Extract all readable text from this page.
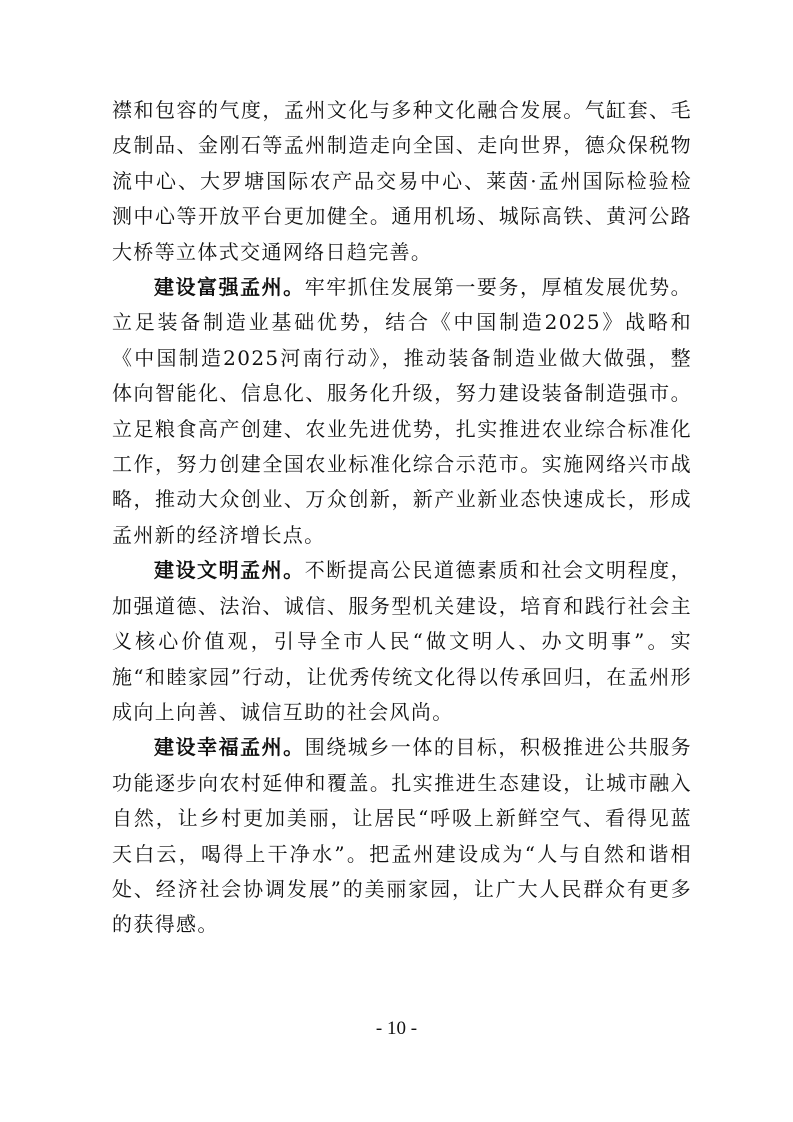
襟和包容的气度，孟州文化与多种文化融合发展。气缸套、毛皮制品、金刚石等孟州制造走向全国、走向世界，德众保税物流中心、大罗塘国际农产品交易中心、莱茵·孟州国际检验检测中心等开放平台更加健全。通用机场、城际高铁、黄河公路大桥等立体式交通网络日趋完善。

建设富强孟州。牢牢抓住发展第一要务，厚植发展优势。立足装备制造业基础优势，结合《中国制造2025》战略和《中国制造2025河南行动》，推动装备制造业做大做强，整体向智能化、信息化、服务化升级，努力建设装备制造强市。立足粮食高产创建、农业先进优势，扎实推进农业综合标准化工作，努力创建全国农业标准化综合示范市。实施网络兴市战略，推动大众创业、万众创新，新产业新业态快速成长，形成孟州新的经济增长点。

建设文明孟州。不断提高公民道德素质和社会文明程度，加强道德、法治、诚信、服务型机关建设，培育和践行社会主义核心价值观，引导全市人民“做文明人、办文明事”。实施“和睦家园”行动，让优秀传统文化得以传承回归，在孟州形成向上向善、诚信互助的社会风尚。

建设幸福孟州。围绕城乡一体的目标，积极推进公共服务功能逐步向农村延伸和覆盖。扎实推进生态建设，让城市融入自然，让乡村更加美丽，让居民“呼吸上新鲜空气、看得见蓝天白云，喝得上干净水”。把孟州建设成为“人与自然和谐相处、经济社会协调发展”的美丽家园，让广大人民群众有更多的获得感。

- 10 -
